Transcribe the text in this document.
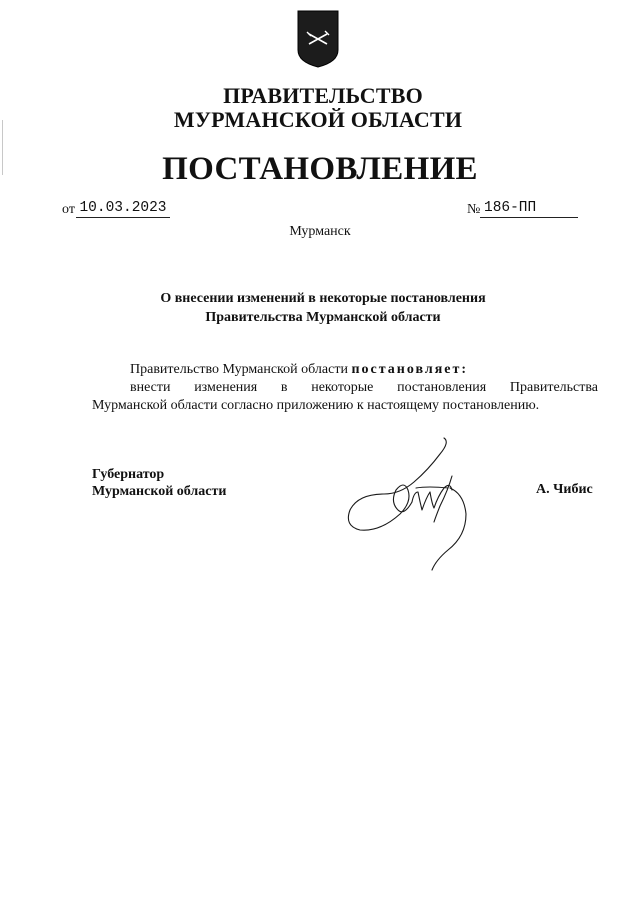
ПРАВИТЕЛЬСТВО
МУРМАНСКОЙ ОБЛАСТИ
ПОСТАНОВЛЕНИЕ
от 10.03.2023	№ 186-ПП
Мурманск
О внесении изменений в некоторые постановления
Правительства Мурманской области
Правительство Мурманской области постановляет:
внести изменения в некоторые постановления Правительства
Мурманской области согласно приложению к настоящему постановлению.
Губернатор
Мурманской области	А. Чибис
